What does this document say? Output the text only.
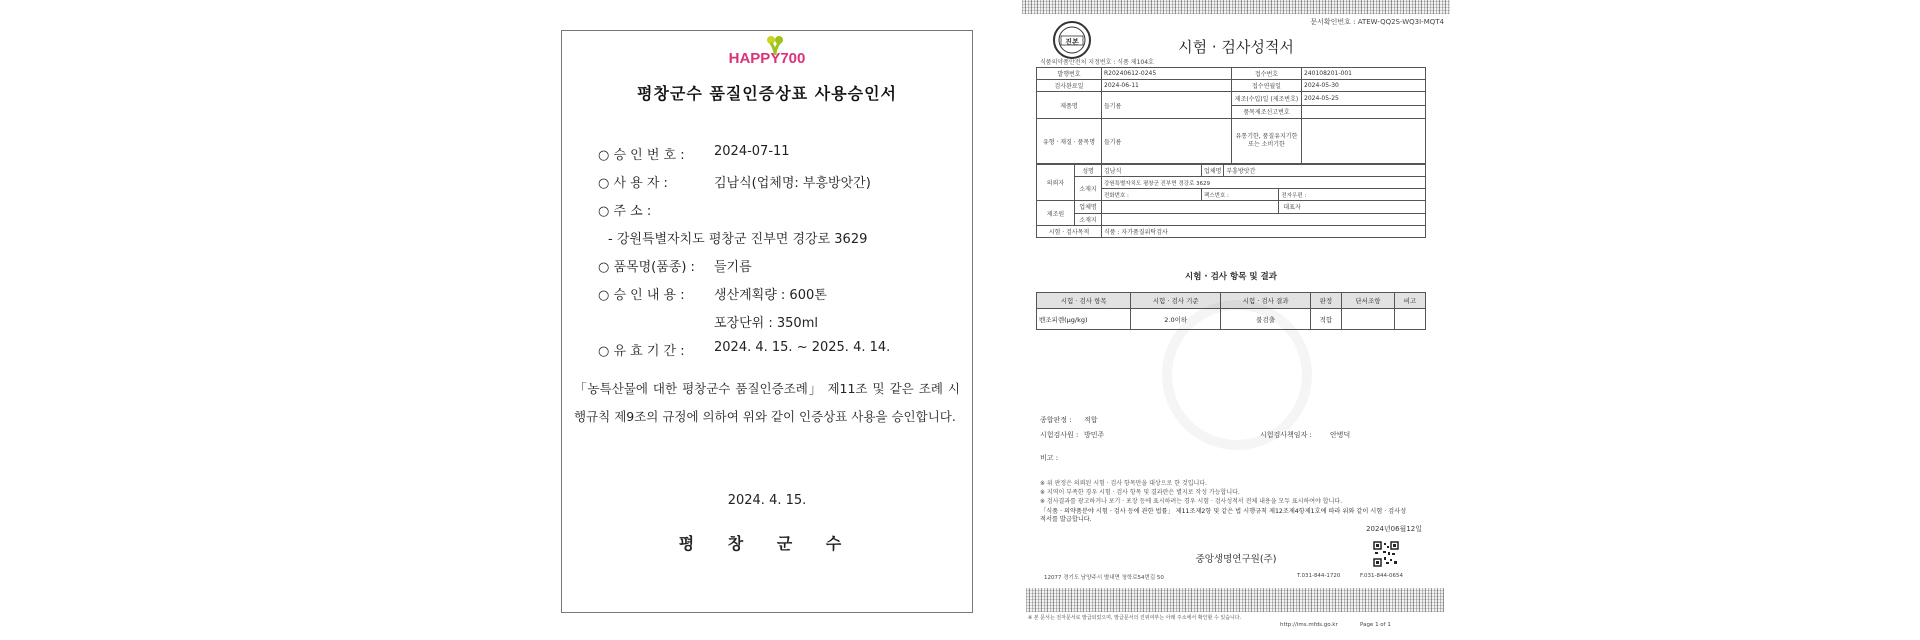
HAPPY700
평창군수 품질인증상표 사용승인서
○ 승 인 번 호 : 2024-07-11
○ 사 용 자 :	김남식(업체명: 부흥방앗간)
○ 주 소 :
- 강원특별자치도 평창군 진부면 경강로 3629
○ 품목명(품종) : 들기름
○ 승 인 내 용 : 생산계획량 : 600톤
포장단위 : 350ml
○ 유 효 기 간 : 2024. 4. 15. ~ 2025. 4. 14.
「농특산물에 대한 평창군수 품질인증조례」 제11조 및 같은 조례 시행규칙 제9조의 규정에 의하여 위와 같이 인증상표 사용을 승인합니다.
2024. 4. 15.
평 창 군 수
문서확인번호 : ATEW-QQ2S-WQ3I-MQT4
진본	시험 · 검사성적서
식품의약품안전처 지정번호 : 식품 제104호
발행번호	R20240612-0245	접수번호	240108201-001
검사완료일	2024-06-11	접수연월일	2024-05-30
제품명	들기름	제조(수입)일 (제조번호)	2024-05-25
		품목제조신고번호	
유형 · 재질 · 품목명	들기름	유통기한, 품질유지기한 또는 소비기한	
의뢰자	성명	김남식	업체명	부흥방앗간	
	소재지	강원특별자치도 평창군 진부면 경강로 3629			
		전화번호 :	팩스번호 :		전자우편 :
제조원	업체명				대표자
	소재지				
시험 · 검사목적		식품 : 자가품질위탁검사			
시험 · 검사 항목 및 결과
시험 · 검사 항목	시험 · 검사 기준	시험 · 검사 결과	판정	단서조항	비고
벤조피렌(μg/kg)	2.0이하	불검출	적합		
종합판정 : 적합
시험검사원 : 방민주	시험검사책임자 :	안병덕
비고 :
※ 위 판정은 의뢰된 시험 · 검사 항목만을 대상으로 한 것입니다.
※ 지역이 부족한 경우 시험 · 검사 항목 및 결과란은 별지로 작성 가능합니다.
※ 검사결과를 광고하거나 포기 · 포장 등에 표시하려는 경우 시험 · 검사성적서 전체 내용을 모두 표시하여야 합니다.
「식품 · 의약품분야 시험 · 검사 등에 관한 법률」 제11조제2항 및 같은 법 시행규칙 제12조제4항제1호에 따라 위와 같이 시험 · 검사성적서를 발급합니다.
2024년06월12일
중앙생명연구원(주)
12077 경기도 남양주시 별내면 청학로54번길 50	T.031-844-1720	F.031-844-0654
※ 본 문서는 전자문서로 발급되었으며, 발급문서의 진위여부는 아래 주소에서 확인할 수 있습니다.
http://ims.mfds.go.kr	Page 1 of 1
